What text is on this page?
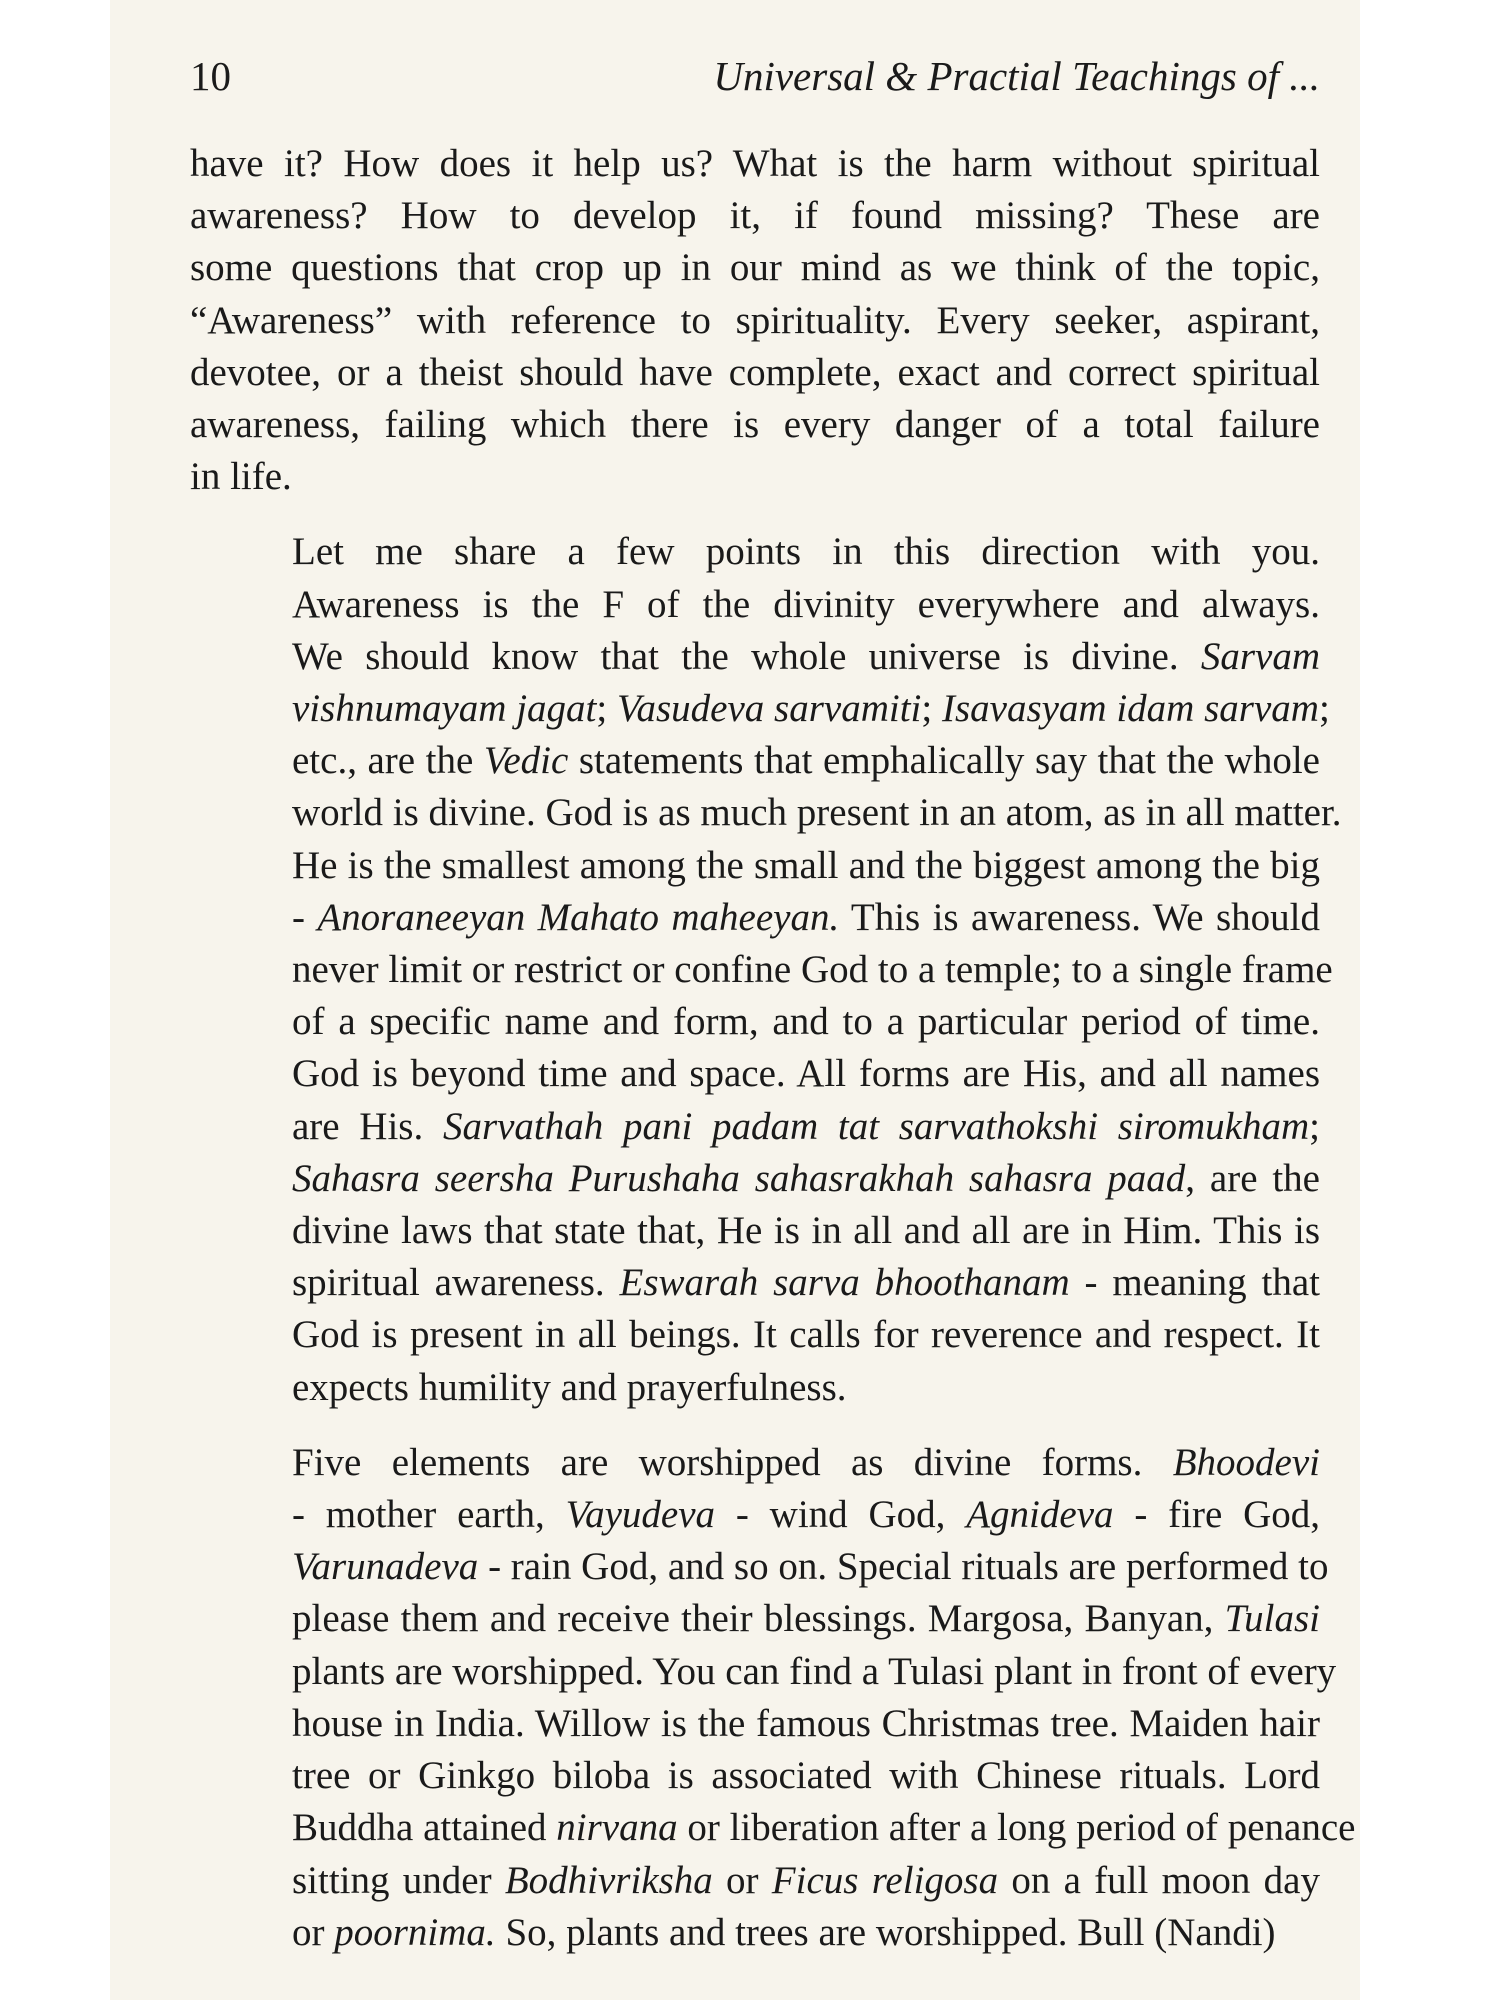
10	Universal & Practial Teachings of ...

have it? How does it help us? What is the harm without spiritual
awareness? How to develop it, if found missing? These are
some questions that crop up in our mind as we think of the topic,
“Awareness” with reference to spirituality. Every seeker, aspirant,
devotee, or a theist should have complete, exact and correct spiritual
awareness, failing which there is every danger of a total failure
in life.

Let me share a few points in this direction with you.
Awareness is the F of the divinity everywhere and always.
We should know that the whole universe is divine. Sarvam
vishnumayam jagat; Vasudeva sarvamiti; Isavasyam idam sarvam;
etc., are the Vedic statements that emphalically say that the whole
world is divine. God is as much present in an atom, as in all matter.
He is the smallest among the small and the biggest among the big
- Anoraneeyan Mahato maheeyan. This is awareness. We should
never limit or restrict or confine God to a temple; to a single frame
of a specific name and form, and to a particular period of time.
God is beyond time and space. All forms are His, and all names
are His. Sarvathah pani padam tat sarvathokshi siromukham;
Sahasra seersha Purushaha sahasrakhah sahasra paad, are the
divine laws that state that, He is in all and all are in Him. This is
spiritual awareness. Eswarah sarva bhoothanam - meaning that
God is present in all beings. It calls for reverence and respect. It
expects humility and prayerfulness.

Five elements are worshipped as divine forms. Bhoodevi
- mother earth, Vayudeva - wind God, Agnideva - fire God,
Varunadeva - rain God, and so on. Special rituals are performed to
please them and receive their blessings. Margosa, Banyan, Tulasi
plants are worshipped. You can find a Tulasi plant in front of every
house in India. Willow is the famous Christmas tree. Maiden hair
tree or Ginkgo biloba is associated with Chinese rituals. Lord
Buddha attained nirvana or liberation after a long period of penance
sitting under Bodhivriksha or Ficus religosa on a full moon day
or poornima. So, plants and trees are worshipped. Bull (Nandi)
